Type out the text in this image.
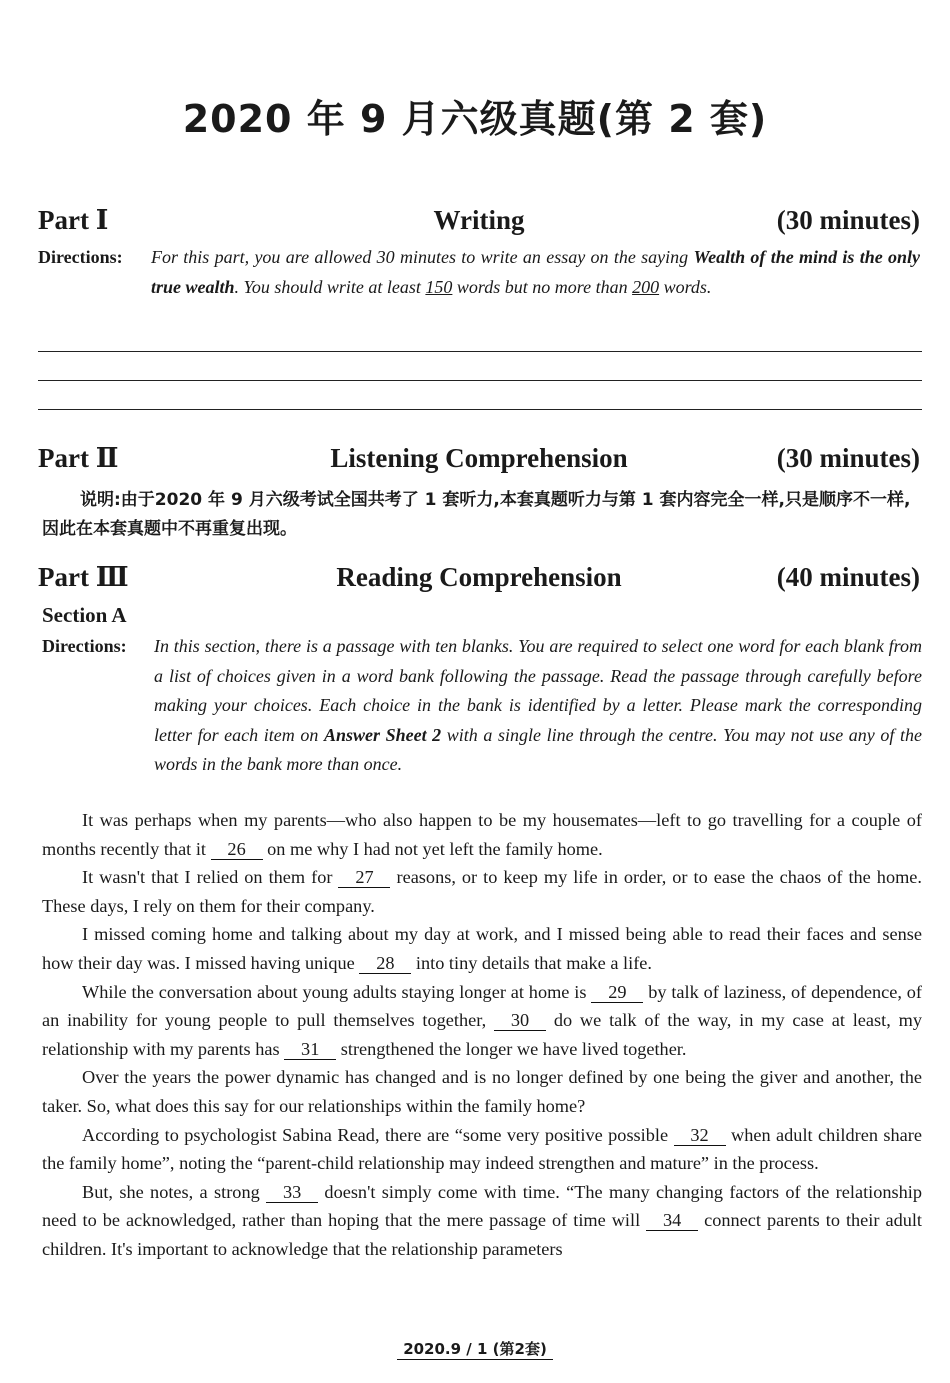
2020 年 9 月六级真题(第 2 套)
Part Ⅰ	Writing	(30 minutes)
Directions: For this part, you are allowed 30 minutes to write an essay on the saying Wealth of the mind is the only true wealth. You should write at least 150 words but no more than 200 words.
Part Ⅱ	Listening Comprehension	(30 minutes)
说明:由于2020 年 9 月六级考试全国共考了 1 套听力,本套真题听力与第 1 套内容完全一样,只是顺序不一样,因此在本套真题中不再重复出现。
Part Ⅲ	Reading Comprehension	(40 minutes)
Section A
Directions: In this section, there is a passage with ten blanks. You are required to select one word for each blank from a list of choices given in a word bank following the passage. Read the passage through carefully before making your choices. Each choice in the bank is identified by a letter. Please mark the corresponding letter for each item on Answer Sheet 2 with a single line through the centre. You may not use any of the words in the bank more than once.

It was perhaps when my parents—who also happen to be my housemates—left to go travelling for a couple of months recently that it 26 on me why I had not yet left the family home.

It wasn't that I relied on them for 27 reasons, or to keep my life in order, or to ease the chaos of the home. These days, I rely on them for their company.

I missed coming home and talking about my day at work, and I missed being able to read their faces and sense how their day was. I missed having unique 28 into tiny details that make a life.

While the conversation about young adults staying longer at home is 29 by talk of laziness, of dependence, of an inability for young people to pull themselves together, 30 do we talk of the way, in my case at least, my relationship with my parents has 31 strengthened the longer we have lived together.

Over the years the power dynamic has changed and is no longer defined by one being the giver and another, the taker. So, what does this say for our relationships within the family home?

According to psychologist Sabina Read, there are “some very positive possible 32 when adult children share the family home”, noting the “parent-child relationship may indeed strengthen and mature” in the process.

But, she notes, a strong 33 doesn't simply come with time. “The many changing factors of the relationship need to be acknowledged, rather than hoping that the mere passage of time will 34 connect parents to their adult children. It's important to acknowledge that the relationship parameters

2020.9 / 1 (第2套)
